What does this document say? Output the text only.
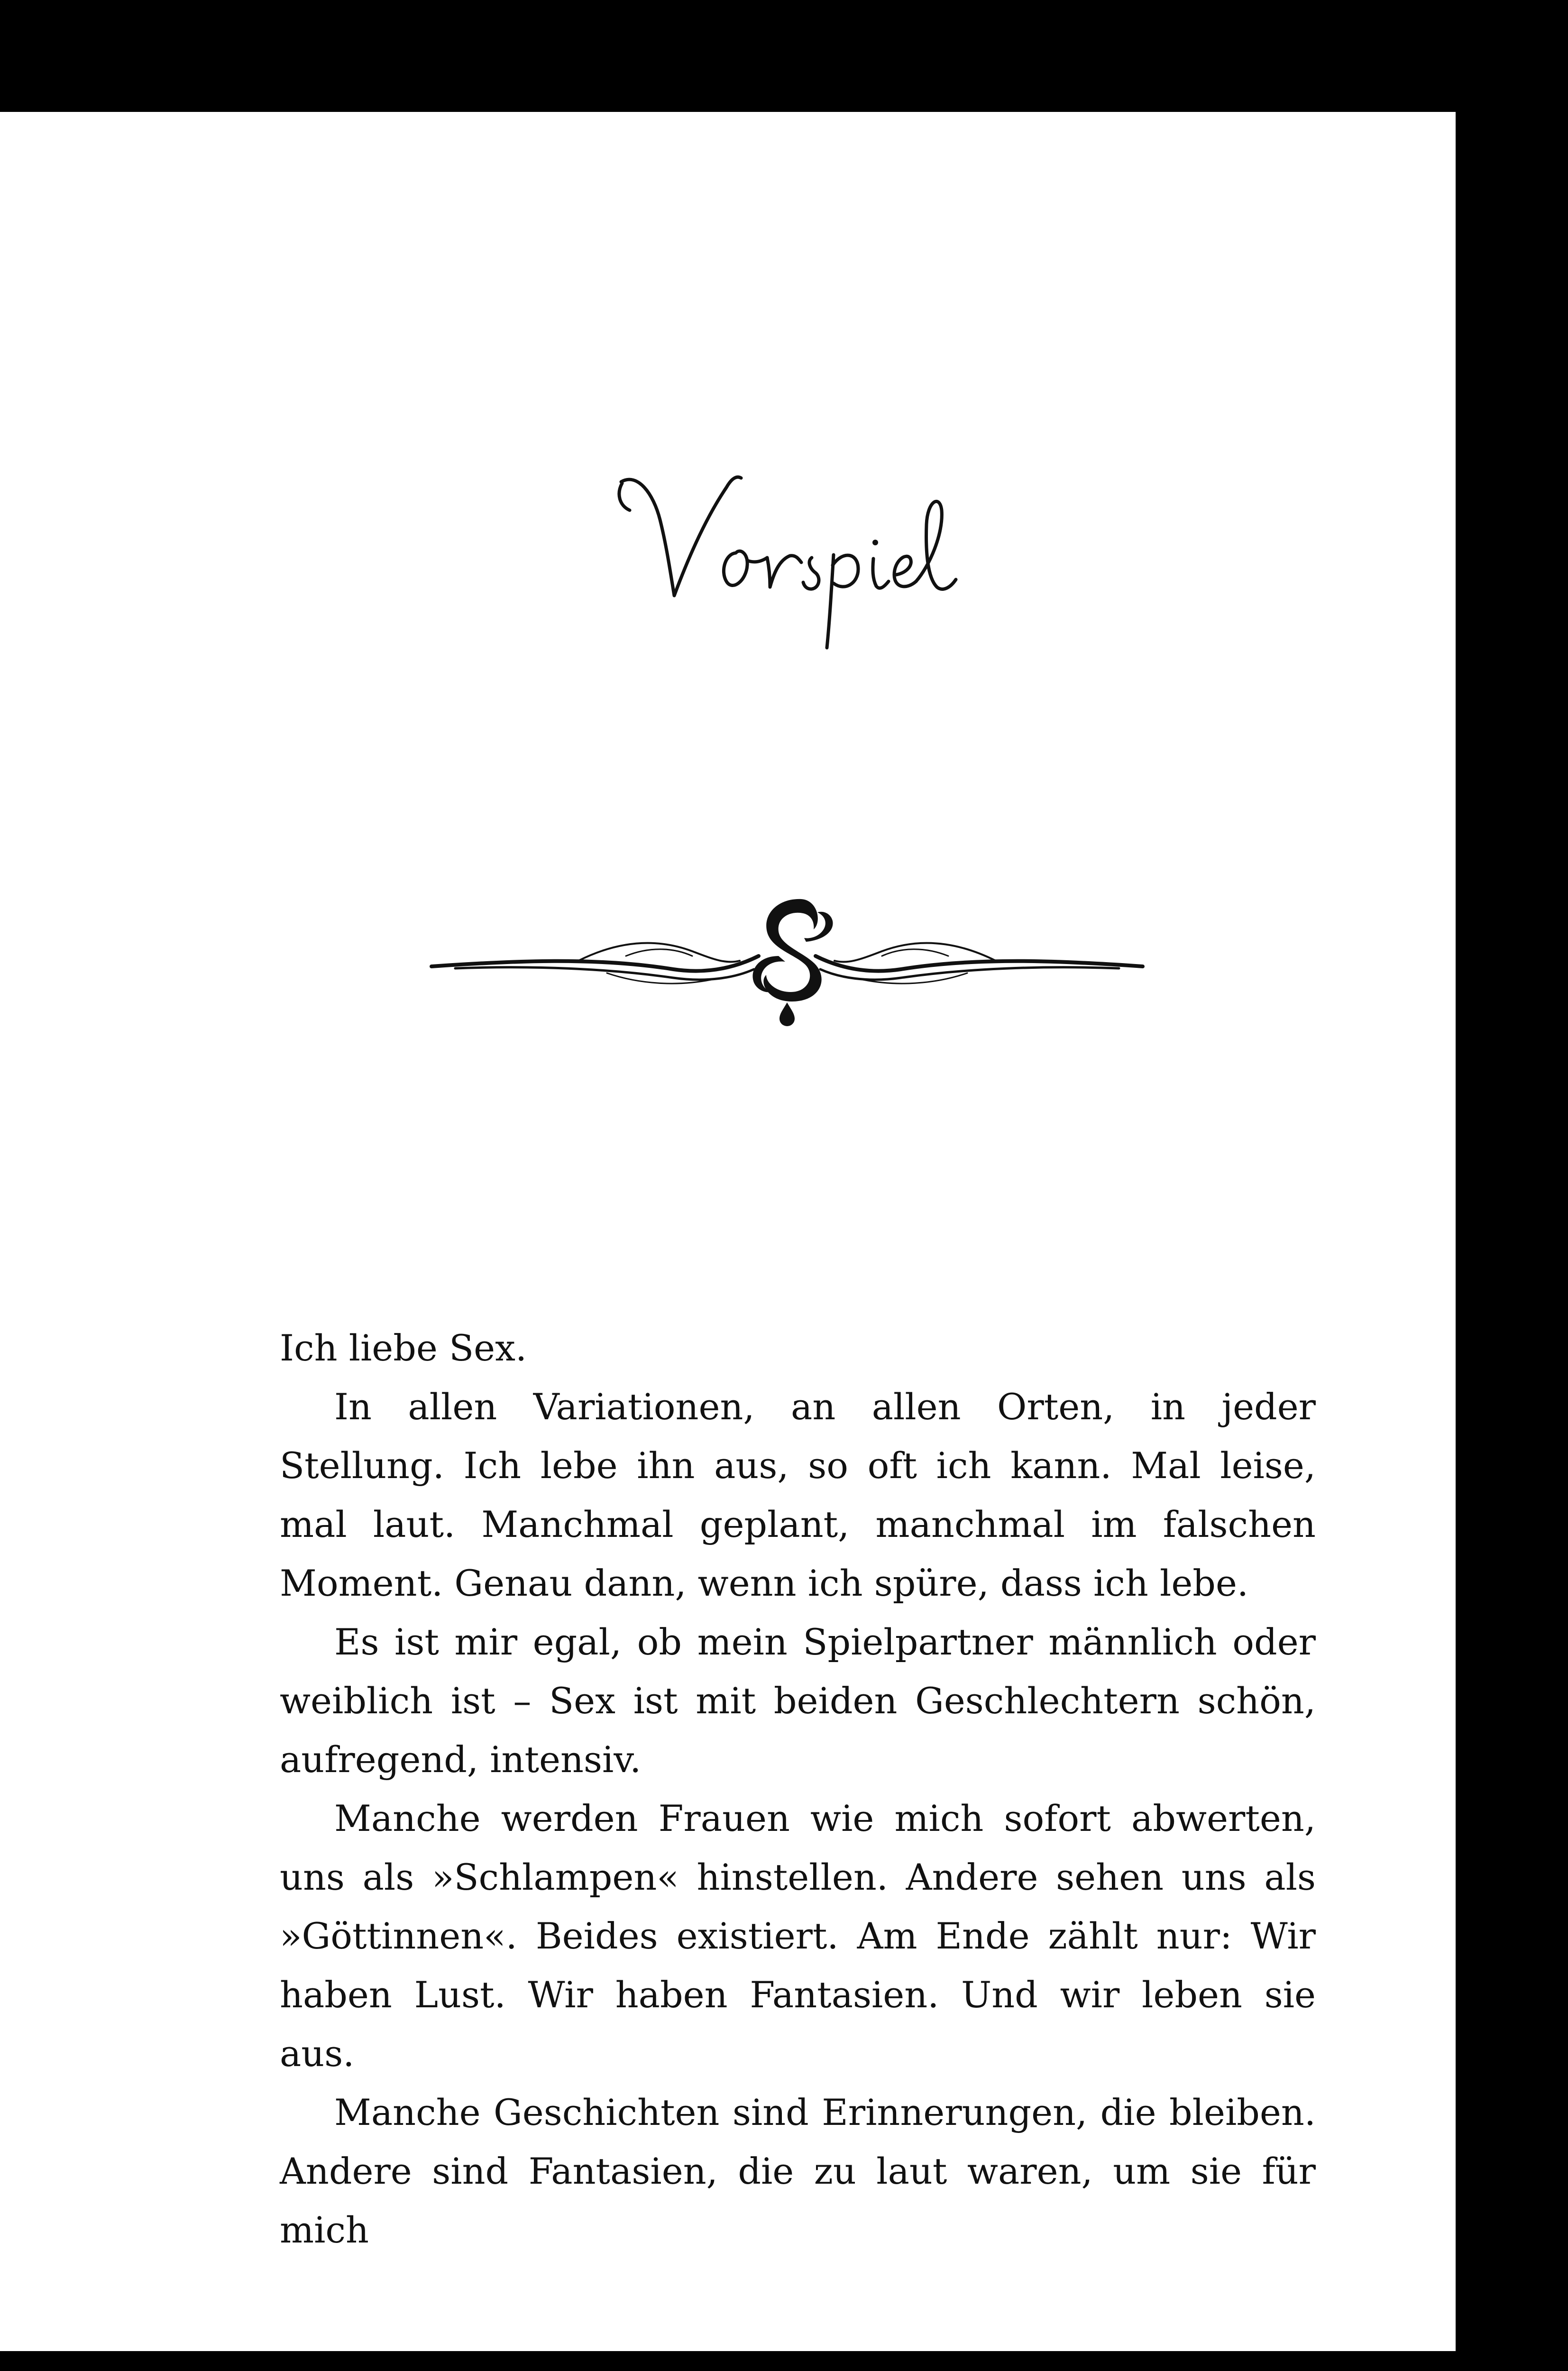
Ich liebe Sex.

In allen Variationen, an allen Orten, in jeder Stellung. Ich lebe ihn aus, so oft ich kann. Mal leise, mal laut. Manchmal geplant, manchmal im falschen Moment. Genau dann, wenn ich spüre, dass ich lebe.

Es ist mir egal, ob mein Spielpartner männlich oder weiblich ist – Sex ist mit beiden Geschlechtern schön, aufregend, intensiv.

Manche werden Frauen wie mich sofort abwerten, uns als »Schlampen« hinstellen. Andere sehen uns als »Göttinnen«. Beides existiert. Am Ende zählt nur: Wir haben Lust. Wir haben Fantasien. Und wir leben sie aus.

Manche Geschichten sind Erinnerungen, die bleiben. Andere sind Fantasien, die zu laut waren, um sie für mich
